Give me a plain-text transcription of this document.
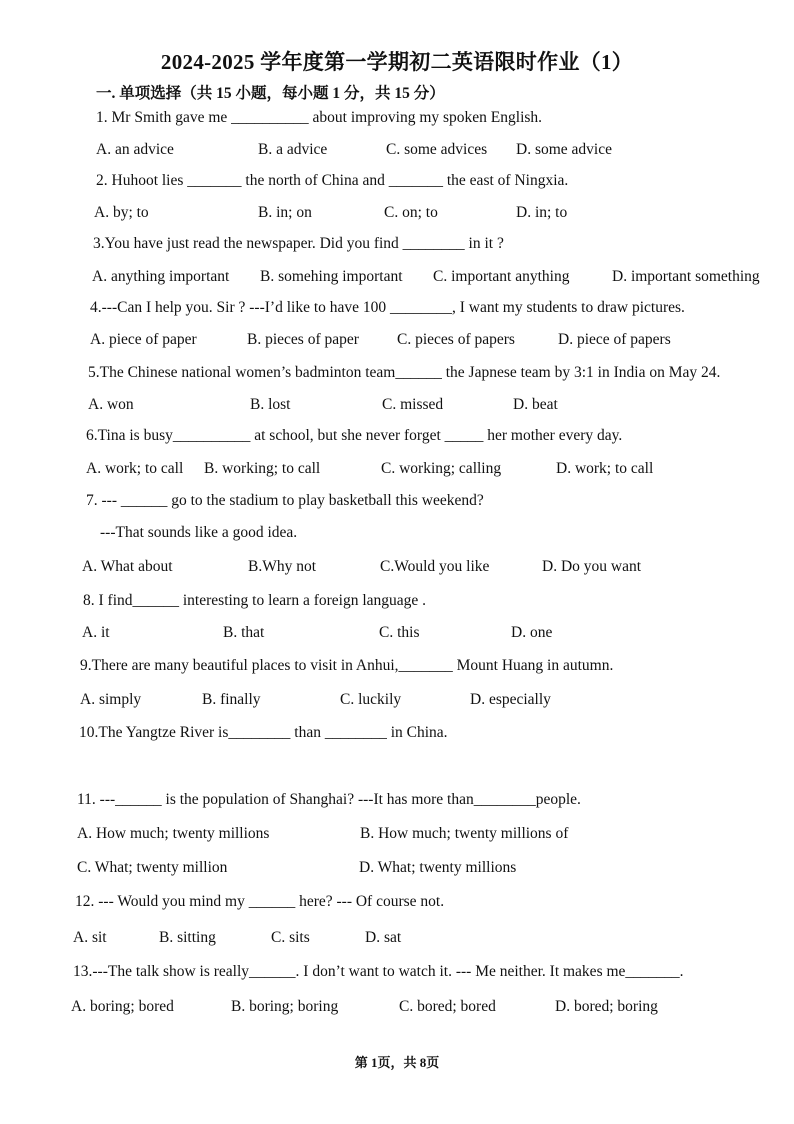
2024-2025 学年度第一学期初二英语限时作业（1）
一. 单项选择（共 15 小题，每小题 1 分，共 15 分）
1. Mr Smith gave me __________ about improving my spoken English.
A. an advice	B. a advice	C. some advices D. some advice
2. Huhoot lies _______ the north of China and _______ the east of Ningxia.
A. by; to	B. in; on	C. on; to	D. in; to
3.You have just read the newspaper. Did you find ________ in it ?
A. anything important B. somehing important C. important anything	D. important something
4.---Can I help you. Sir ? ---I’d like to have 100 ________, I want my students to draw pictures.
A. piece of paper	B. pieces of paper C. pieces of papers	D. piece of papers
5.The Chinese national women’s badminton team______ the Japnese team by 3:1 in India on May 24.
A. won	B. lost	C. missed	D. beat
6.Tina is busy__________ at school, but she never forget _____ her mother every day.
A. work; to call B. working; to call	C. working; calling	D. work; to call
7. --- ______ go to the stadium to play basketball this weekend?
---That sounds like a good idea.
A. What about	B.Why not	C.Would you like	D. Do you want
8. I find______ interesting to learn a foreign language .
A. it	B. that	C. this	D. one
9.There are many beautiful places to visit in Anhui,_______ Mount Huang in autumn.
A. simply	B. finally	C. luckily	D. especially
10.The Yangtze River is________ than ________ in China.
11. ---______ is the population of Shanghai? ---It has more than________people.
A. How much; twenty millions	B. How much; twenty millions of
C. What; twenty million	D. What; twenty millions
12. --- Would you mind my ______ here? --- Of course not.
A. sit	B. sitting	C. sits	D. sat
13.---The talk show is really______. I don’t want to watch it. --- Me neither. It makes me_______.
A. boring; bored	B. boring; boring	C. bored; bored	D. bored; boring
第 1页，共 8页
